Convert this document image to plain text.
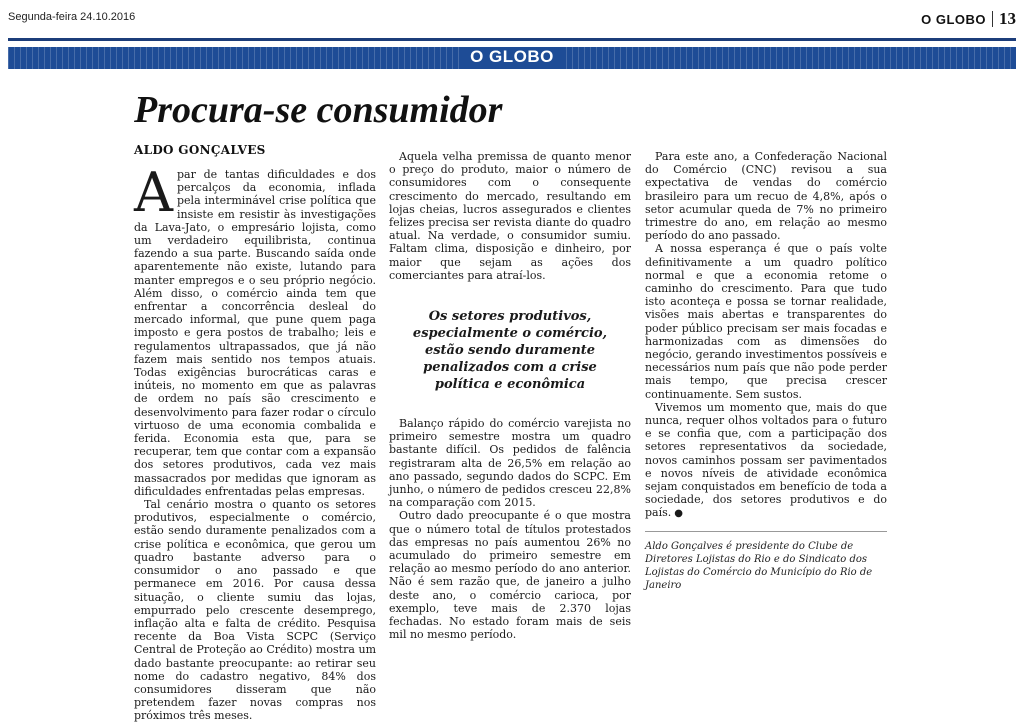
Segunda-feira 24.10.2016	O GLOBO 13
O GLOBO
Procura-se consumidor
ALDO GONÇALVES

Apar de tantas dificuldades e dos percalços da economia, inflada pela interminável crise política que insiste em resistir às investigações da Lava-Jato, o empresário lojista, como um verdadeiro equilibrista, continua fazendo a sua parte. Buscando saída onde aparentemente não existe, lutando para manter empregos e o seu próprio negócio. Além disso, o comércio ainda tem que enfrentar a concorrência desleal do mercado informal, que pune quem paga imposto e gera postos de trabalho; leis e regulamentos ultrapassados, que já não fazem mais sentido nos tempos atuais. Todas exigências burocráticas caras e inúteis, no momento em que as palavras de ordem no país são crescimento e desenvolvimento para fazer rodar o círculo virtuoso de uma economia combalida e ferida. Economia esta que, para se recuperar, tem que contar com a expansão dos setores produtivos, cada vez mais massacrados por medidas que ignoram as dificuldades enfrentadas pelas empresas.

Tal cenário mostra o quanto os setores produtivos, especialmente o comércio, estão sendo duramente penalizados com a crise política e econômica, que gerou um quadro bastante adverso para o consumidor o ano passado e que permanece em 2016. Por causa dessa situação, o cliente sumiu das lojas, empurrado pelo crescente desemprego, inflação alta e falta de crédito. Pesquisa recente da Boa Vista SCPC (Serviço Central de Proteção ao Crédito) mostra um dado bastante preocupante: ao retirar seu nome do cadastro negativo, 84% dos consumidores disseram que não pretendem fazer novas compras nos próximos três meses.

Aquela velha premissa de quanto menor o preço do produto, maior o número de consumidores com o consequente crescimento do mercado, resultando em lojas cheias, lucros assegurados e clientes felizes precisa ser revista diante do quadro atual. Na verdade, o consumidor sumiu. Faltam clima, disposição e dinheiro, por maior que sejam as ações dos comerciantes para atraí-los.

Os setores produtivos, especialmente o comércio, estão sendo duramente penalizados com a crise política e econômica

Balanço rápido do comércio varejista no primeiro semestre mostra um quadro bastante difícil. Os pedidos de falência registraram alta de 26,5% em relação ao ano passado, segundo dados do SCPC. Em junho, o número de pedidos cresceu 22,8% na comparação com 2015.

Outro dado preocupante é o que mostra que o número total de títulos protestados das empresas no país aumentou 26% no acumulado do primeiro semestre em relação ao mesmo período do ano anterior. Não é sem razão que, de janeiro a julho deste ano, o comércio carioca, por exemplo, teve mais de 2.370 lojas fechadas. No estado foram mais de seis mil no mesmo período.

Para este ano, a Confederação Nacional do Comércio (CNC) revisou a sua expectativa de vendas do comércio brasileiro para um recuo de 4,8%, após o setor acumular queda de 7% no primeiro trimestre do ano, em relação ao mesmo período do ano passado.

A nossa esperança é que o país volte definitivamente a um quadro político normal e que a economia retome o caminho do crescimento. Para que tudo isto aconteça e possa se tornar realidade, visões mais abertas e transparentes do poder público precisam ser mais focadas e harmonizadas com as dimensões do negócio, gerando investimentos possíveis e necessários num país que não pode perder mais tempo, que precisa crescer continuamente. Sem sustos.

Vivemos um momento que, mais do que nunca, requer olhos voltados para o futuro e se confia que, com a participação dos setores representativos da sociedade, novos caminhos possam ser pavimentados e novos níveis de atividade econômica sejam conquistados em benefício de toda a sociedade, dos setores produtivos e do país. ●

Aldo Gonçalves é presidente do Clube de Diretores Lojistas do Rio e do Sindicato dos Lojistas do Comércio do Município do Rio de Janeiro
